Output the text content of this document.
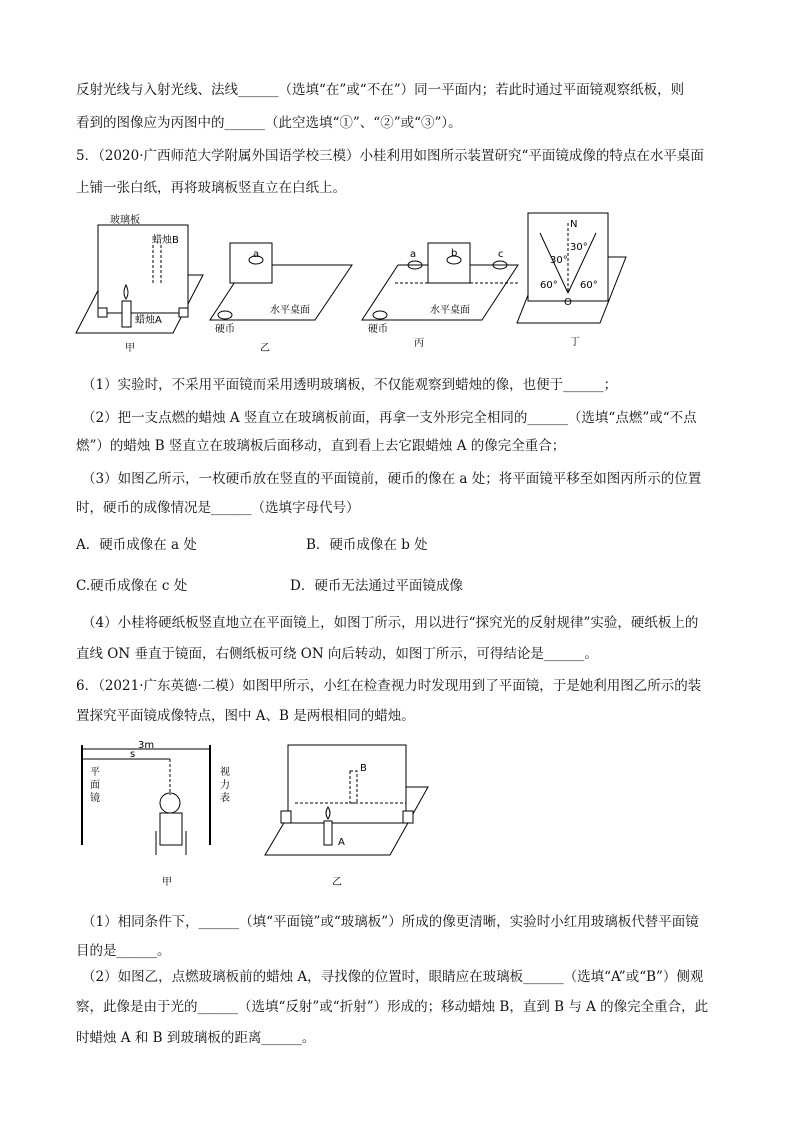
反射光线与入射光线、法线______（选填“在”或“不在”）同一平面内；若此时通过平面镜观察纸板，则
看到的图像应为丙图中的______（此空选填“①”、“②”或“③”）。
5．（2020·广西师范大学附属外国语学校三模）小桂利用如图所示装置研究“平面镜成像的特点在水平桌面
上铺一张白纸，再将玻璃板竖直立在白纸上。
玻璃板
蜡烛B
蜡烛A
甲
a
水平桌面
硬币
乙
a	b	c
水平桌面
硬币
丙
N
30°
30°
60° 60°
O
丁
（1）实验时，不采用平面镜而采用透明玻璃板，不仅能观察到蜡烛的像，也便于______；
（2）把一支点燃的蜡烛 A 竖直立在玻璃板前面，再拿一支外形完全相同的______（选填“点燃”或“不点
燃”）的蜡烛 B 竖直立在玻璃板后面移动，直到看上去它跟蜡烛 A 的像完全重合；
（3）如图乙所示，一枚硬币放在竖直的平面镜前，硬币的像在 a 处；将平面镜平移至如图丙所示的位置
时，硬币的成像情况是______（选填字母代号）
A．硬币成像在 a 处	B．硬币成像在 b 处
C.硬币成像在 c 处	D．硬币无法通过平面镜成像
（4）小桂将硬纸板竖直地立在平面镜上，如图丁所示，用以进行“探究光的反射规律”实验，硬纸板上的
直线 ON 垂直于镜面，右侧纸板可绕 ON 向后转动，如图丁所示，可得结论是______。
6．（2021·广东英德·二模）如图甲所示，小红在检查视力时发现用到了平面镜，于是她利用图乙所示的装
置探究平面镜成像特点，图中 A、B 是两根相同的蜡烛。
3m
s
平面镜
视力表
甲
B
A
乙
（1）相同条件下，______（填“平面镜”或“玻璃板”）所成的像更清晰，实验时小红用玻璃板代替平面镜
目的是______。
（2）如图乙，点燃玻璃板前的蜡烛 A，寻找像的位置时，眼睛应在玻璃板______（选填“A”或“B”）侧观
察，此像是由于光的______（选填“反射”或“折射”）形成的；移动蜡烛 B，直到 B 与 A 的像完全重合，此
时蜡烛 A 和 B 到玻璃板的距离______。
